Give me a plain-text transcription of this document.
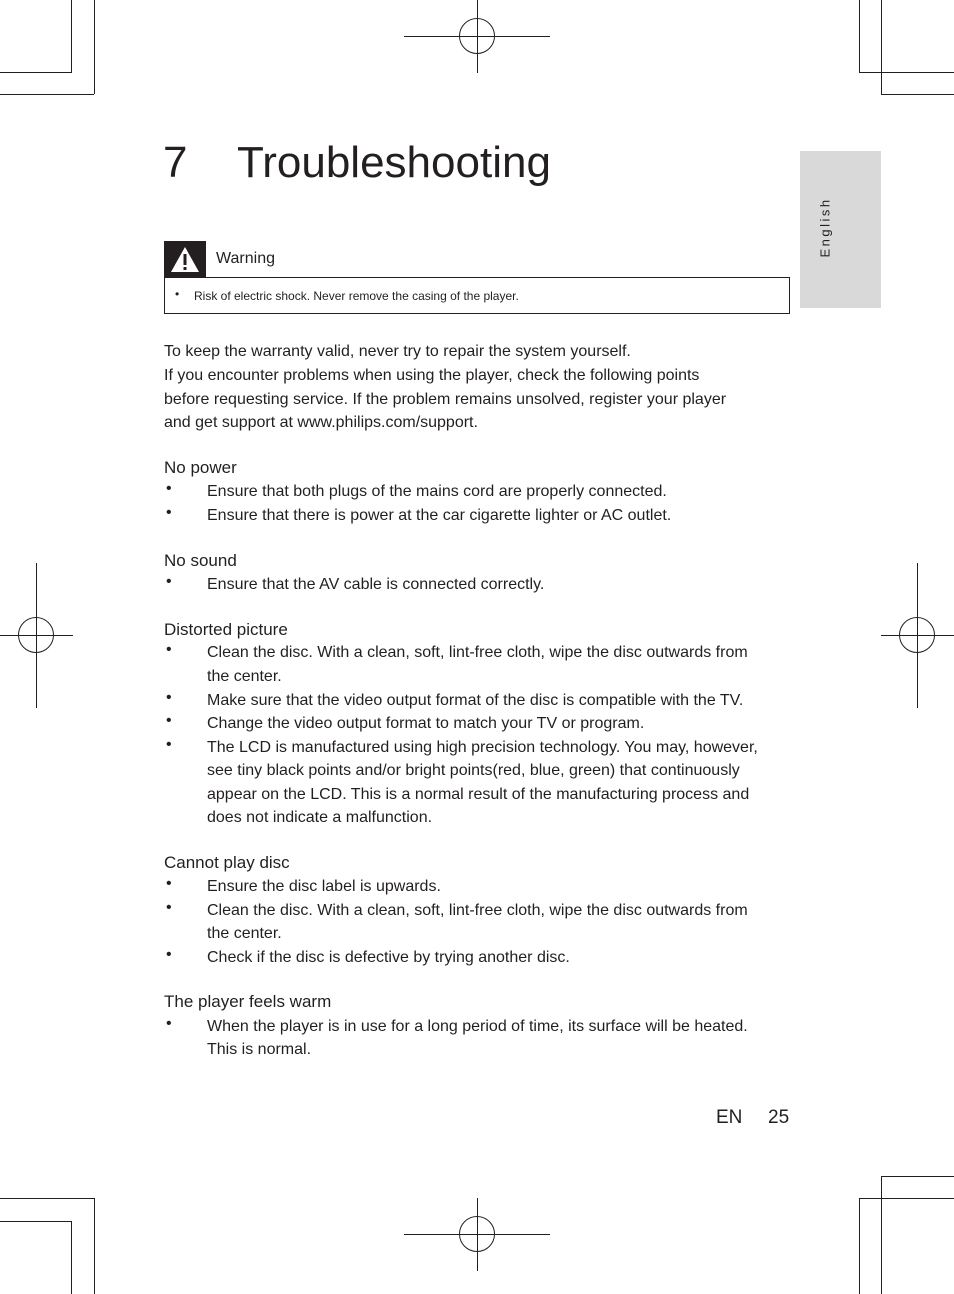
English
7 Troubleshooting
Warning
• Risk of electric shock. Never remove the casing of the player.
To keep the warranty valid, never try to repair the system yourself.
If you encounter problems when using the player, check the following points
before requesting service. If the problem remains unsolved, register your player
and get support at www.philips.com/support.
No power
• Ensure that both plugs of the mains cord are properly connected.
• Ensure that there is power at the car cigarette lighter or AC outlet.
No sound
• Ensure that the AV cable is connected correctly.
Distorted picture
• Clean the disc. With a clean, soft, lint-free cloth, wipe the disc outwards from
the center.
• Make sure that the video output format of the disc is compatible with the TV.
• Change the video output format to match your TV or program.
• The LCD is manufactured using high precision technology. You may, however,
see tiny black points and/or bright points(red, blue, green) that continuously
appear on the LCD. This is a normal result of the manufacturing process and
does not indicate a malfunction.
Cannot play disc
• Ensure the disc label is upwards.
• Clean the disc. With a clean, soft, lint-free cloth, wipe the disc outwards from
the center.
• Check if the disc is defective by trying another disc.
The player feels warm
• When the player is in use for a long period of time, its surface will be heated.
This is normal.
EN 25
